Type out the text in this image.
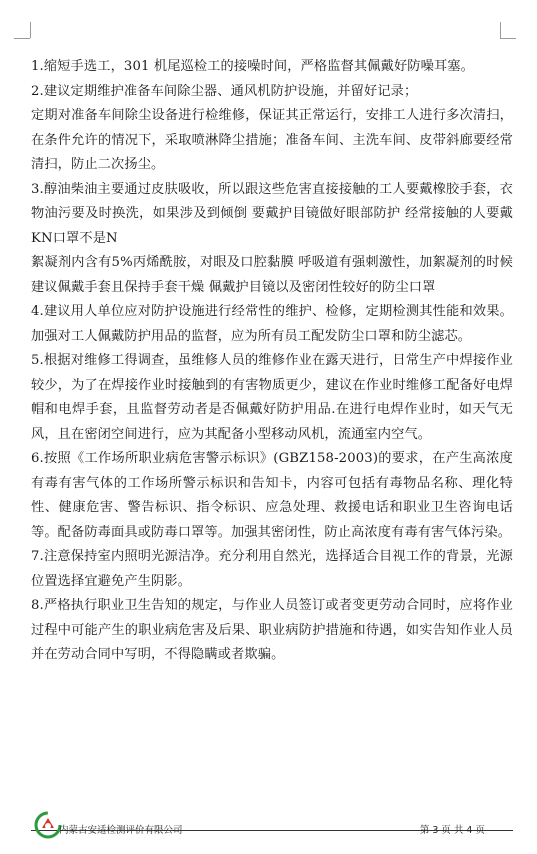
1.缩短手选工，301 机尾巡检工的接噪时间，严格监督其佩戴好防噪耳塞。

2.建议定期维护准备车间除尘器、通风机防护设施，并留好记录；

定期对准备车间除尘设备进行检维修，保证其正常运行，安排工人进行多次清扫，在条件允许的情况下，采取喷淋降尘措施；准备车间、主洗车间、皮带斜廊要经常清扫，防止二次扬尘。

3.醇油柴油主要通过皮肤吸收，所以跟这些危害直接接触的工人要戴橡胶手套，衣物油污要及时换洗，如果涉及到倾倒 要戴护目镜做好眼部防护 经常接触的人要戴KN口罩不是N

絮凝剂内含有5%丙烯酰胺，对眼及口腔黏膜 呼吸道有强刺激性，加絮凝剂的时候建议佩戴手套且保持手套干燥 佩戴护目镜以及密闭性较好的防尘口罩

4.建议用人单位应对防护设施进行经常性的维护、检修，定期检测其性能和效果。加强对工人佩戴防护用品的监督，应为所有员工配发防尘口罩和防尘滤芯。

5.根据对维修工得调查，虽维修人员的维修作业在露天进行，日常生产中焊接作业较少，为了在焊接作业时接触到的有害物质更少，建议在作业时维修工配备好电焊帽和电焊手套，且监督劳动者是否佩戴好防护用品.在进行电焊作业时，如天气无风，且在密闭空间进行，应为其配备小型移动风机，流通室内空气。

6.按照《工作场所职业病危害警示标识》(GBZ158-2003)的要求，在产生高浓度有毒有害气体的工作场所警示标识和告知卡，内容可包括有毒物品名称、理化特性、健康危害、警告标识、指令标识、应急处理、救援电话和职业卫生咨询电话等。配备防毒面具或防毒口罩等。加强其密闭性，防止高浓度有毒有害气体污染。

7.注意保持室内照明光源洁净。充分利用自然光，选择适合目视工作的背景，光源位置选择宜避免产生阴影。

8.严格执行职业卫生告知的规定，与作业人员签订或者变更劳动合同时，应将作业过程中可能产生的职业病危害及后果、职业病防护措施和待遇，如实告知作业人员并在劳动合同中写明，不得隐瞒或者欺骗。

内蒙古安适检测评价有限公司	第 3 页 共 4 页
